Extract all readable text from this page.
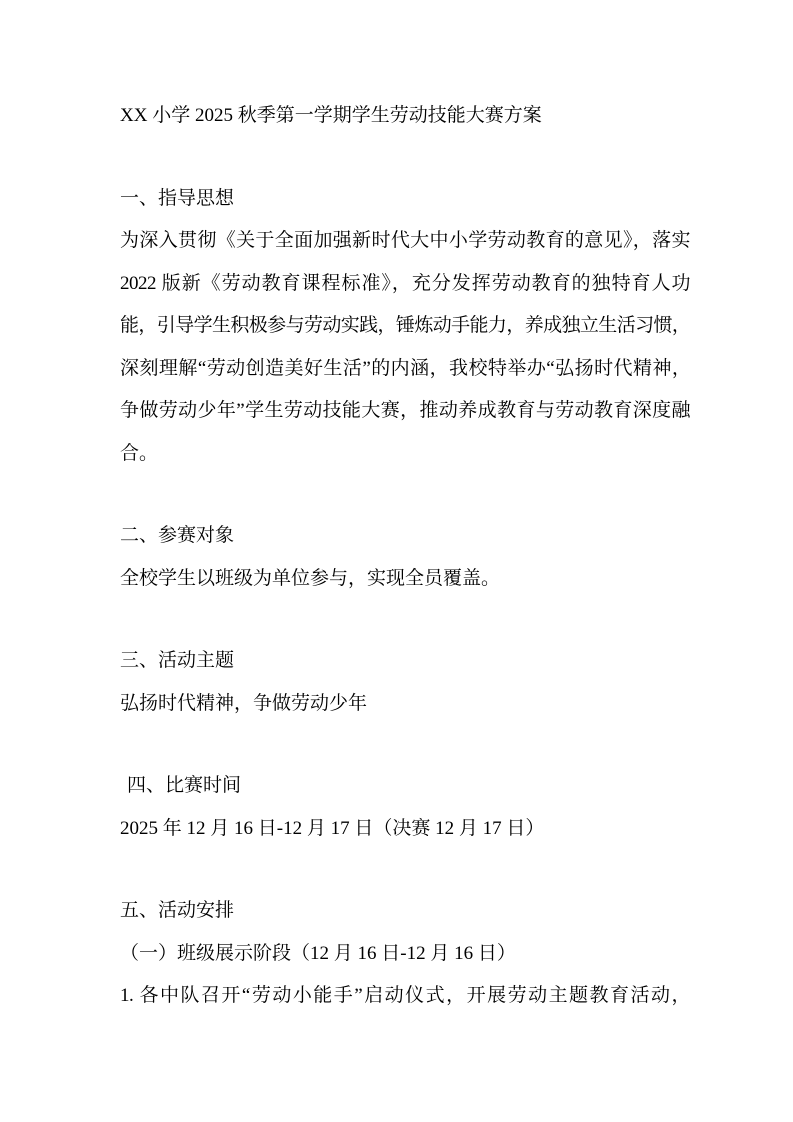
XX 小学 2025 秋季第一学期学生劳动技能大赛方案
一、指导思想
为深入贯彻《关于全面加强新时代大中小学劳动教育的意见》，落实
2022 版新《劳动教育课程标准》，充分发挥劳动教育的独特育人功
能，引导学生积极参与劳动实践，锤炼动手能力，养成独立生活习惯，
深刻理解“劳动创造美好生活”的内涵，我校特举办“弘扬时代精神，
争做劳动少年”学生劳动技能大赛，推动养成教育与劳动教育深度融
合。
二、参赛对象
全校学生以班级为单位参与，实现全员覆盖。
三、活动主题
弘扬时代精神，争做劳动少年
四、比赛时间
2025 年 12 月 16 日-12 月 17 日（决赛 12 月 17 日）
五、活动安排
（一）班级展示阶段（12 月 16 日-12 月 16 日）
1. 各中队召开“劳动小能手”启动仪式，开展劳动主题教育活动，
